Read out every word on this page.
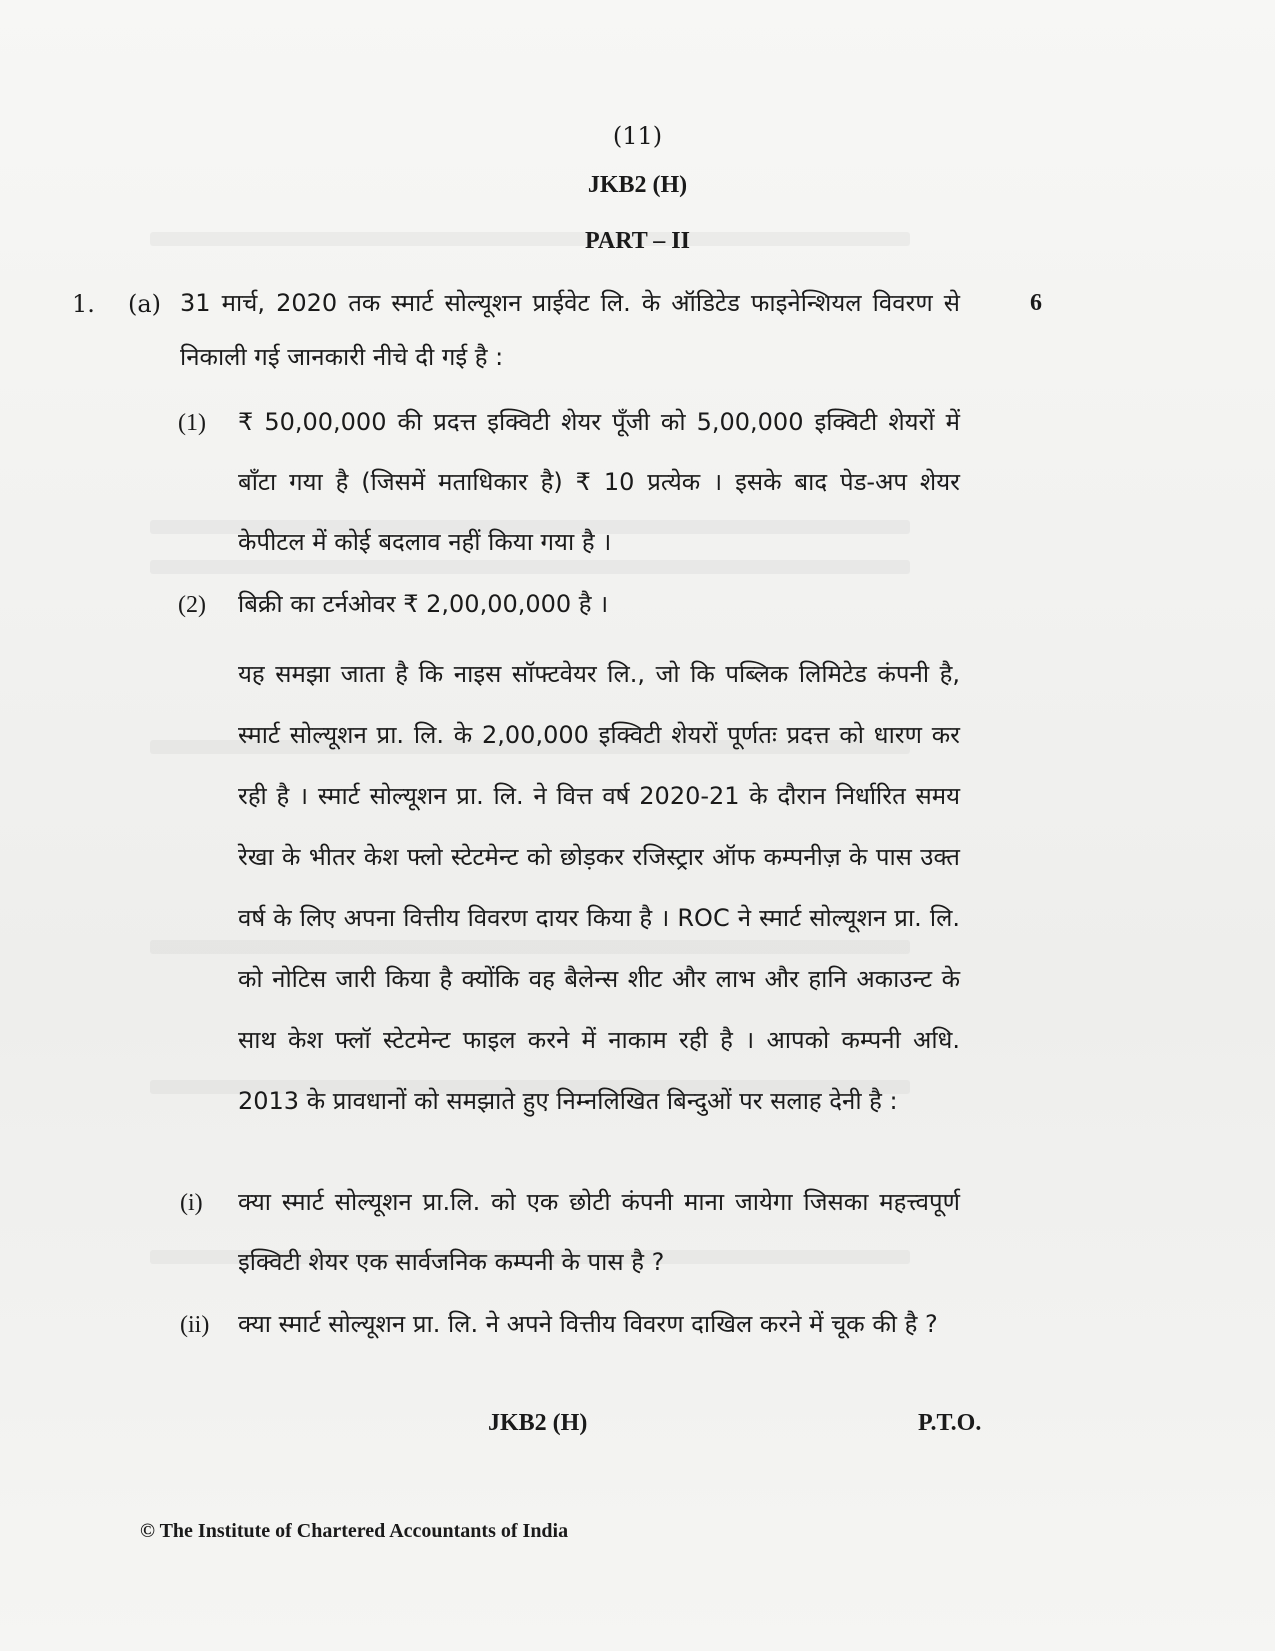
(11)
JKB2 (H)
PART – II
1. (a)	6
31 मार्च, 2020 तक स्मार्ट सोल्यूशन प्राईवेट लि. के ऑडिटेड फाइनेन्शियल विवरण से निकाली गई जानकारी नीचे दी गई है :
(1) ₹ 50,00,000 की प्रदत्त इक्विटी शेयर पूँजी को 5,00,000 इक्विटी शेयरों में बाँटा गया है (जिसमें मताधिकार है) ₹ 10 प्रत्येक । इसके बाद पेड-अप शेयर केपीटल में कोई बदलाव नहीं किया गया है ।
(2) बिक्री का टर्नओवर ₹ 2,00,00,000 है ।
यह समझा जाता है कि नाइस सॉफ्टवेयर लि., जो कि पब्लिक लिमिटेड कंपनी है, स्मार्ट सोल्यूशन प्रा. लि. के 2,00,000 इक्विटी शेयरों पूर्णतः प्रदत्त को धारण कर रही है । स्मार्ट सोल्यूशन प्रा. लि. ने वित्त वर्ष 2020-21 के दौरान निर्धारित समय रेखा के भीतर केश फ्लो स्टेटमेन्ट को छोड़कर रजिस्ट्रार ऑफ कम्पनीज़ के पास उक्त वर्ष के लिए अपना वित्तीय विवरण दायर किया है । ROC ने स्मार्ट सोल्यूशन प्रा. लि. को नोटिस जारी किया है क्योंकि वह बैलेन्स शीट और लाभ और हानि अकाउन्ट के साथ केश फ्लॉ स्टेटमेन्ट फाइल करने में नाकाम रही है । आपको कम्पनी अधि. 2013 के प्रावधानों को समझाते हुए निम्नलिखित बिन्दुओं पर सलाह देनी है :
(i) क्या स्मार्ट सोल्यूशन प्रा.लि. को एक छोटी कंपनी माना जायेगा जिसका महत्त्वपूर्ण इक्विटी शेयर एक सार्वजनिक कम्पनी के पास है ?
(ii) क्या स्मार्ट सोल्यूशन प्रा. लि. ने अपने वित्तीय विवरण दाखिल करने में चूक की है ?
JKB2 (H)	P.T.O.
© The Institute of Chartered Accountants of India
